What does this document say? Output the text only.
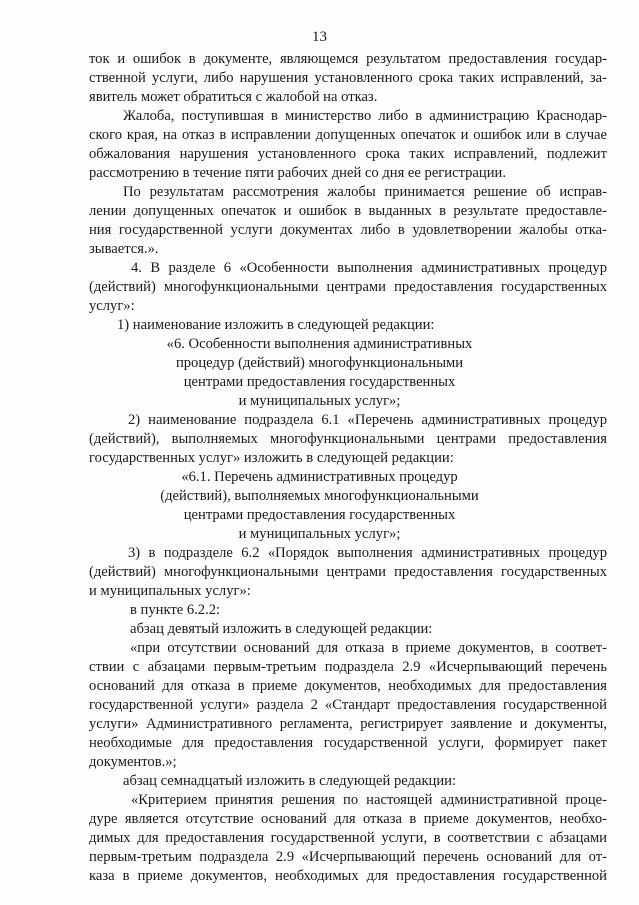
13
ток и ошибок в документе, являющемся результатом предоставления государ-
ственной услуги, либо нарушения установленного срока таких исправлений, за-
явитель может обратиться с жалобой на отказ.
Жалоба, поступившая в министерство либо в администрацию Краснодар-
ского края, на отказ в исправлении допущенных опечаток и ошибок или в случае
обжалования нарушения установленного срока таких исправлений, подлежит
рассмотрению в течение пяти рабочих дней со дня ее регистрации.
По результатам рассмотрения жалобы принимается решение об исправ-
лении допущенных опечаток и ошибок в выданных в результате предоставле-
ния государственной услуги документах либо в удовлетворении жалобы отка-
зывается.».
4. В разделе 6 «Особенности выполнения административных процедур
(действий) многофункциональными центрами предоставления государственных
услуг»:
1) наименование изложить в следующей редакции:
«6. Особенности выполнения административных
процедур (действий) многофункциональными
центрами предоставления государственных
и муниципальных услуг»;
2) наименование подраздела 6.1 «Перечень административных процедур
(действий), выполняемых многофункциональными центрами предоставления
государственных услуг» изложить в следующей редакции:
«6.1. Перечень административных процедур
(действий), выполняемых многофункциональными
центрами предоставления государственных
и муниципальных услуг»;
3) в подразделе 6.2 «Порядок выполнения административных процедур
(действий) многофункциональными центрами предоставления государственных
и муниципальных услуг»:
в пункте 6.2.2:
абзац девятый изложить в следующей редакции:
«при отсутствии оснований для отказа в приеме документов, в соответ-
ствии с абзацами первым-третьим подраздела 2.9 «Исчерпывающий перечень
оснований для отказа в приеме документов, необходимых для предоставления
государственной услуги» раздела 2 «Стандарт предоставления государственной
услуги» Административного регламента, регистрирует заявление и документы,
необходимые для предоставления государственной услуги, формирует пакет
документов.»;
абзац семнадцатый изложить в следующей редакции:
«Критерием принятия решения по настоящей административной проце-
дуре является отсутствие оснований для отказа в приеме документов, необхо-
димых для предоставления государственной услуги, в соответствии с абзацами
первым-третьим подраздела 2.9 «Исчерпывающий перечень оснований для от-
каза в приеме документов, необходимых для предоставления государственной
